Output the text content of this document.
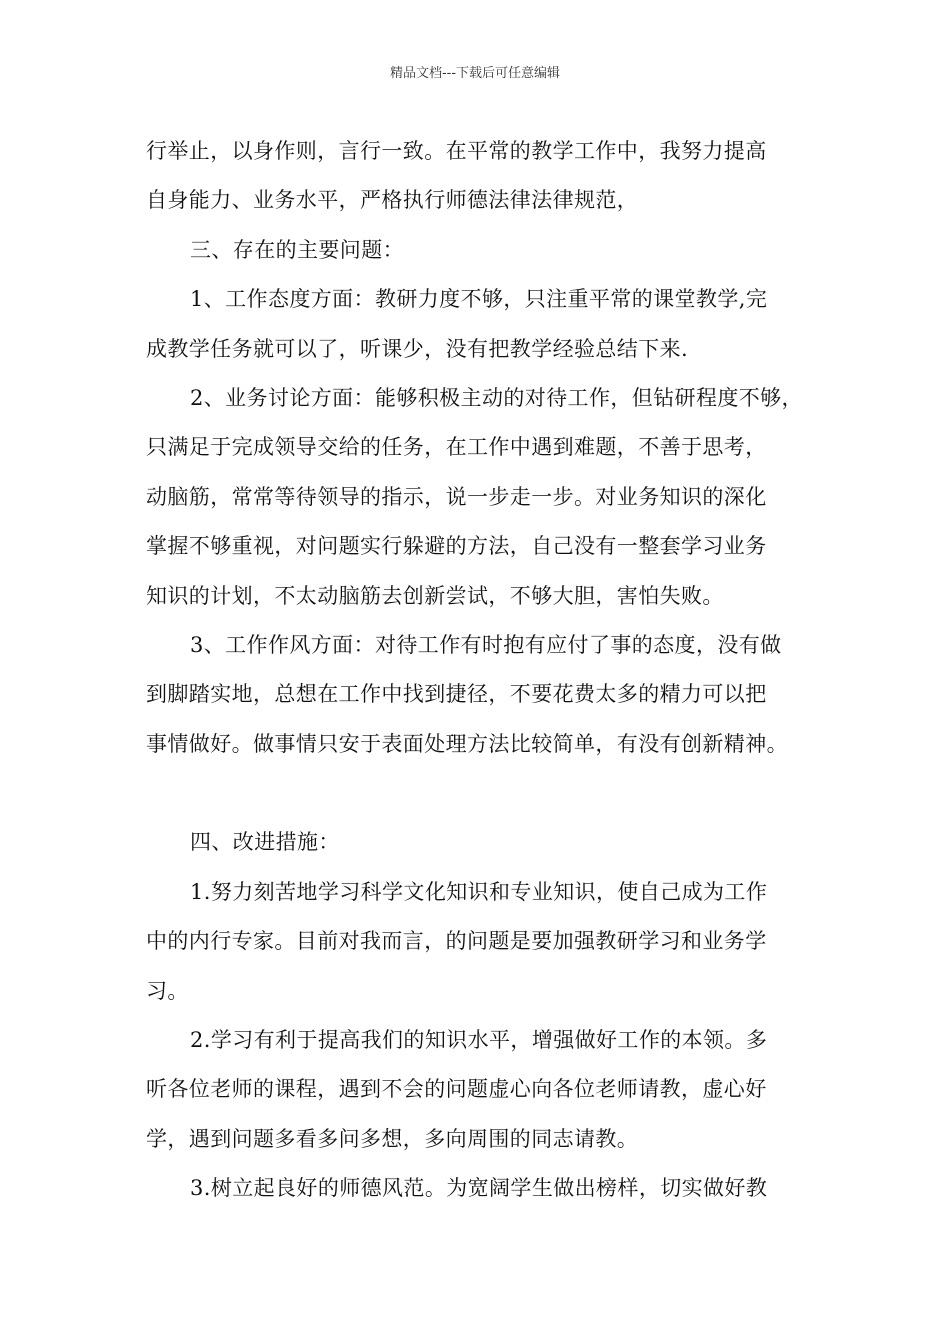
精品文档---下载后可任意编辑

行举止，以身作则，言行一致。在平常的教学工作中，我努力提高

自身能力、业务水平，严格执行师德法律法律规范，

三、存在的主要问题：

1、工作态度方面：教研力度不够，只注重平常的课堂教学,完

成教学任务就可以了，听课少，没有把教学经验总结下来.

2、业务讨论方面：能够积极主动的对待工作，但钻研程度不够，

只满足于完成领导交给的任务，在工作中遇到难题，不善于思考，

动脑筋，常常等待领导的指示，说一步走一步。对业务知识的深化

掌握不够重视，对问题实行躲避的方法，自己没有一整套学习业务

知识的计划，不太动脑筋去创新尝试，不够大胆，害怕失败。

3、工作作风方面：对待工作有时抱有应付了事的态度，没有做

到脚踏实地，总想在工作中找到捷径，不要花费太多的精力可以把

事情做好。做事情只安于表面处理方法比较简单，有没有创新精神。

四、改进措施：

1.努力刻苦地学习科学文化知识和专业知识，使自己成为工作

中的内行专家。目前对我而言，的问题是要加强教研学习和业务学

习。

2.学习有利于提高我们的知识水平，增强做好工作的本领。多

听各位老师的课程，遇到不会的问题虚心向各位老师请教，虚心好

学，遇到问题多看多问多想，多向周围的同志请教。

3.树立起良好的师德风范。为宽阔学生做出榜样，切实做好教
